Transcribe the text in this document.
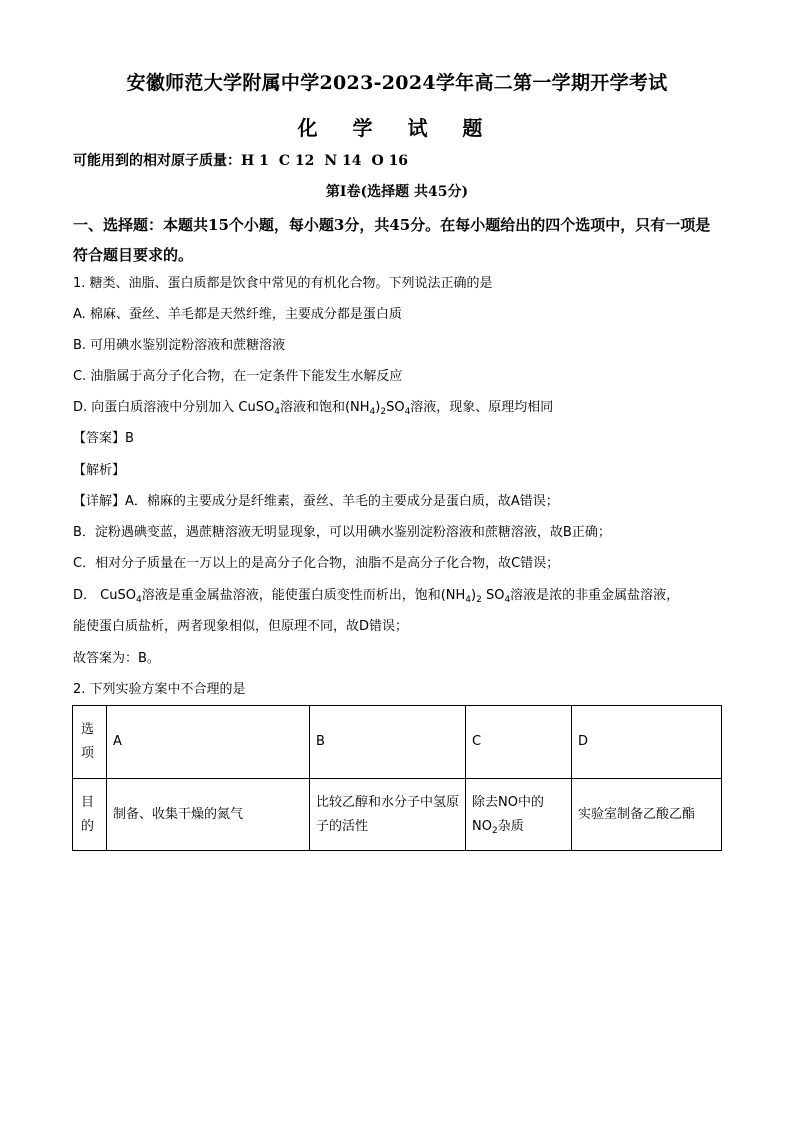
安徽师范大学附属中学2023-2024学年高二第一学期开学考试
化 学 试 题
可能用到的相对原子质量：H 1 C 12 N 14 O 16
第Ⅰ卷(选择题 共45分)
一、选择题：本题共15个小题，每小题3分，共45分。在每小题给出的四个选项中，只有一项是符合题目要求的。
1. 糖类、油脂、蛋白质都是饮食中常见的有机化合物。下列说法正确的是
A. 棉麻、蚕丝、羊毛都是天然纤维，主要成分都是蛋白质
B. 可用碘水鉴别淀粉溶液和蔗糖溶液
C. 油脂属于高分子化合物，在一定条件下能发生水解反应
D. 向蛋白质溶液中分别加入 CuSO$_4$溶液和饱和$(NH_4)_2SO_4$溶液，现象、原理均相同
【答案】B
【解析】
【详解】A．棉麻的主要成分是纤维素，蚕丝、羊毛的主要成分是蛋白质，故A错误；
B．淀粉遇碘变蓝，遇蔗糖溶液无明显现象，可以用碘水鉴别淀粉溶液和蔗糖溶液，故B正确；
C．相对分子质量在一万以上的是高分子化合物，油脂不是高分子化合物，故C错误；
D． CuSO$_4$溶液是重金属盐溶液，能使蛋白质变性而析出，饱和$(NH_4)_2$ $SO_4$溶液是浓的非重金属盐溶液，
能使蛋白质盐析，两者现象相似，但原理不同，故D错误；
故答案为：B。
2. 下列实验方案中不合理的是
选项	A	B	C	D
目的	制备、收集干燥的氮气	比较乙醇和水分子中氢原子的活性	除去NO中的$NO_2$杂质	实验室制备乙酸乙酯
